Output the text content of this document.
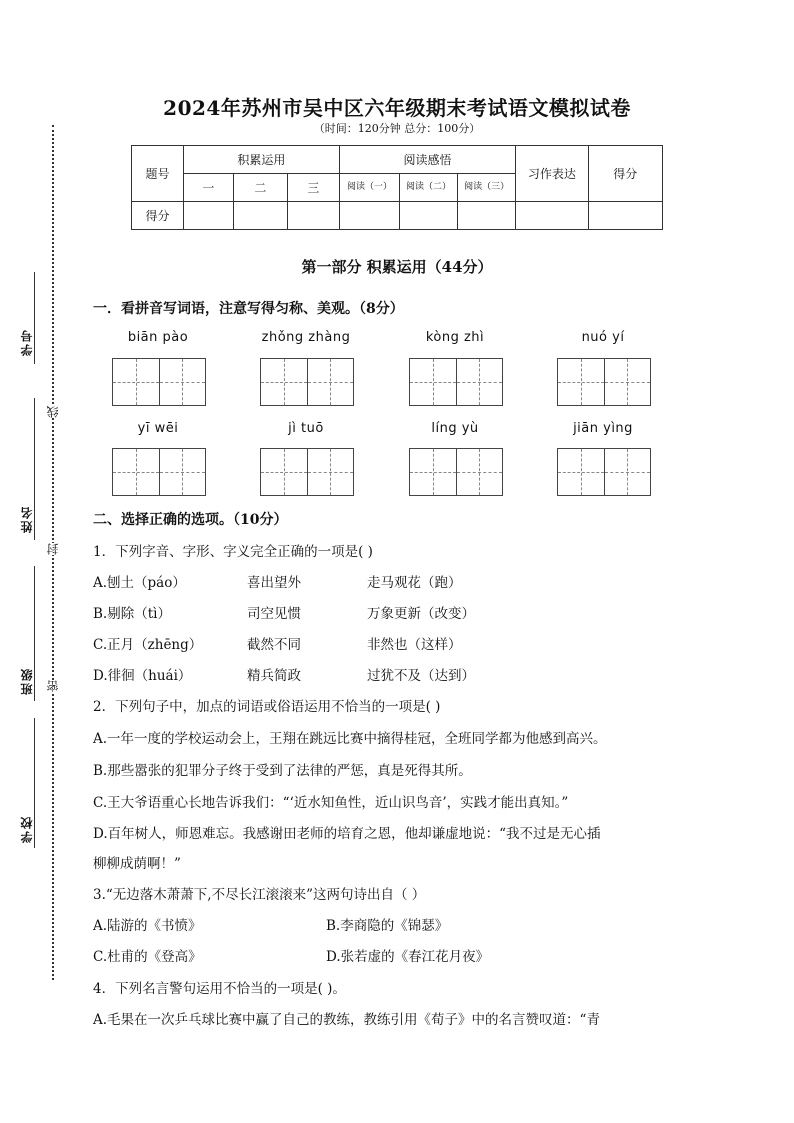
学号
姓名
班级
学校
线
封
密
2024年苏州市吴中区六年级期末考试语文模拟试卷
（时间：120分钟 总分：100分）
题号	积累运用			阅读感悟			习作表达	得分
	一	二	三	阅读（一）	阅读（二）	阅读（三）		
得分								
第一部分 积累运用（44分）
一．看拼音写词语，注意写得匀称、美观。（8分）
biān pào	zhǒng zhàng	kòng zhì	nuó yí
yī wēi	jì tuō	líng yù	jiān yìng
二、选择正确的选项。（10分）
1．下列字音、字形、字义完全正确的一项是( )
A.刨土（páo）	喜出望外	走马观花（跑）
B.剔除（tì）	司空见惯	万象更新（改变）
C.正月（zhēng）	截然不同	非然也（这样）
D.徘徊（huái）	精兵简政	过犹不及（达到）
2．下列句子中，加点的词语或俗语运用不恰当的一项是( )
A.一年一度的学校运动会上，王翔在跳远比赛中摘得桂冠，全班同学都为他感到高兴。
B.那些嚣张的犯罪分子终于受到了法律的严惩，真是死得其所。
C.王大爷语重心长地告诉我们：“‘近水知鱼性，近山识鸟音’，实践才能出真知。”
D.百年树人，师恩难忘。我感谢田老师的培育之恩，他却谦虚地说：“我不过是无心插
柳柳成荫啊！”
3.“无边落木萧萧下,不尽长江滚滚来”这两句诗出自（ ）
A.陆游的《书愤》	B.李商隐的《锦瑟》
C.杜甫的《登高》	D.张若虚的《春江花月夜》
4．下列名言警句运用不恰当的一项是( )。
A.毛果在一次乒乓球比赛中赢了自己的教练，教练引用《荀子》中的名言赞叹道：“青
